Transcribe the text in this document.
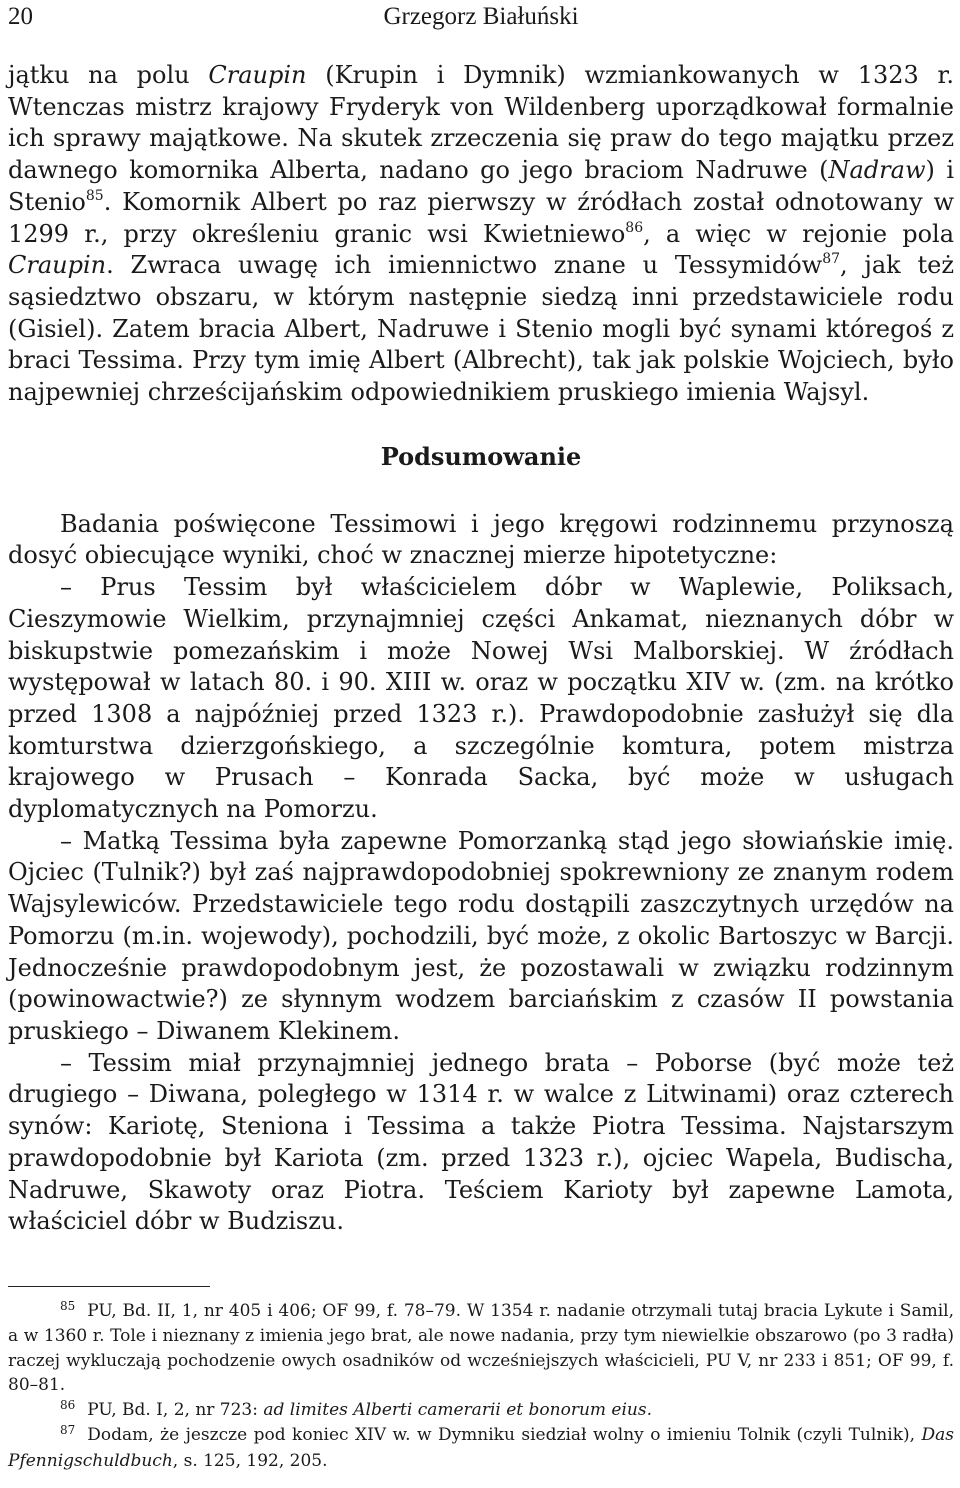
20	Grzegorz Białuński

jątku na polu Craupin (Krupin i Dymnik) wzmiankowanych w 1323 r. Wtenczas mistrz krajowy Fryderyk von Wildenberg uporządkował formalnie ich sprawy majątkowe. Na skutek zrzeczenia się praw do tego majątku przez dawnego komornika Alberta, nadano go jego braciom Nadruwe (Nadraw) i Stenio$^{85}$. Komornik Albert po raz pierwszy w źródłach został odnotowany w 1299 r., przy określeniu granic wsi Kwietniewo$^{86}$, a więc w rejonie pola Craupin. Zwraca uwagę ich imiennictwo znane u Tessymidów$^{87}$, jak też sąsiedztwo obszaru, w którym następnie siedzą inni przedstawiciele rodu (Gisiel). Zatem bracia Albert, Nadruwe i Stenio mogli być synami któregoś z braci Tessima. Przy tym imię Albert (Albrecht), tak jak polskie Wojciech, było najpewniej chrześcijańskim odpowiednikiem pruskiego imienia Wajsyl.

Podsumowanie

Badania poświęcone Tessimowi i jego kręgowi rodzinnemu przynoszą dosyć obiecujące wyniki, choć w znacznej mierze hipotetyczne:

– Prus Tessim był właścicielem dóbr w Waplewie, Poliksach, Cieszymowie Wielkim, przynajmniej części Ankamat, nieznanych dóbr w biskupstwie pomezańskim i może Nowej Wsi Malborskiej. W źródłach występował w latach 80. i 90. XIII w. oraz w początku XIV w. (zm. na krótko przed 1308 a najpóźniej przed 1323 r.). Prawdopodobnie zasłużył się dla komturstwa dzierzgońskiego, a szczególnie komtura, potem mistrza krajowego w Prusach – Konrada Sacka, być może w usługach dyplomatycznych na Pomorzu.

– Matką Tessima była zapewne Pomorzanką stąd jego słowiańskie imię. Ojciec (Tulnik?) był zaś najprawdopodobniej spokrewniony ze znanym rodem Wajsylewiców. Przedstawiciele tego rodu dostąpili zaszczytnych urzędów na Pomorzu (m.in. wojewody), pochodzili, być może, z okolic Bartoszyc w Barcji. Jednocześnie prawdopodobnym jest, że pozostawali w związku rodzinnym (powinowactwie?) ze słynnym wodzem barciańskim z czasów II powstania pruskiego – Diwanem Klekinem.

– Tessim miał przynajmniej jednego brata – Poborse (być może też drugiego – Diwana, poległego w 1314 r. w walce z Litwinami) oraz czterech synów: Kariotę, Steniona i Tessima a także Piotra Tessima. Najstarszym prawdopodobnie był Kariota (zm. przed 1323 r.), ojciec Wapela, Budischa, Nadruwe, Skawoty oraz Piotra. Teściem Karioty był zapewne Lamota, właściciel dóbr w Budziszu.

$^{85}$ PU, Bd. II, 1, nr 405 i 406; OF 99, f. 78–79. W 1354 r. nadanie otrzymali tutaj bracia Lykute i Samil, a w 1360 r. Tole i nieznany z imienia jego brat, ale nowe nadania, przy tym niewielkie obszarowo (po 3 radła) raczej wykluczają pochodzenie owych osadników od wcześniejszych właścicieli, PU V, nr 233 i 851; OF 99, f. 80–81.

$^{86}$ PU, Bd. I, 2, nr 723: ad limites Alberti camerarii et bonorum eius.

$^{87}$ Dodam, że jeszcze pod koniec XIV w. w Dymniku siedział wolny o imieniu Tolnik (czyli Tulnik), Das Pfennigschuldbuch, s. 125, 192, 205.
